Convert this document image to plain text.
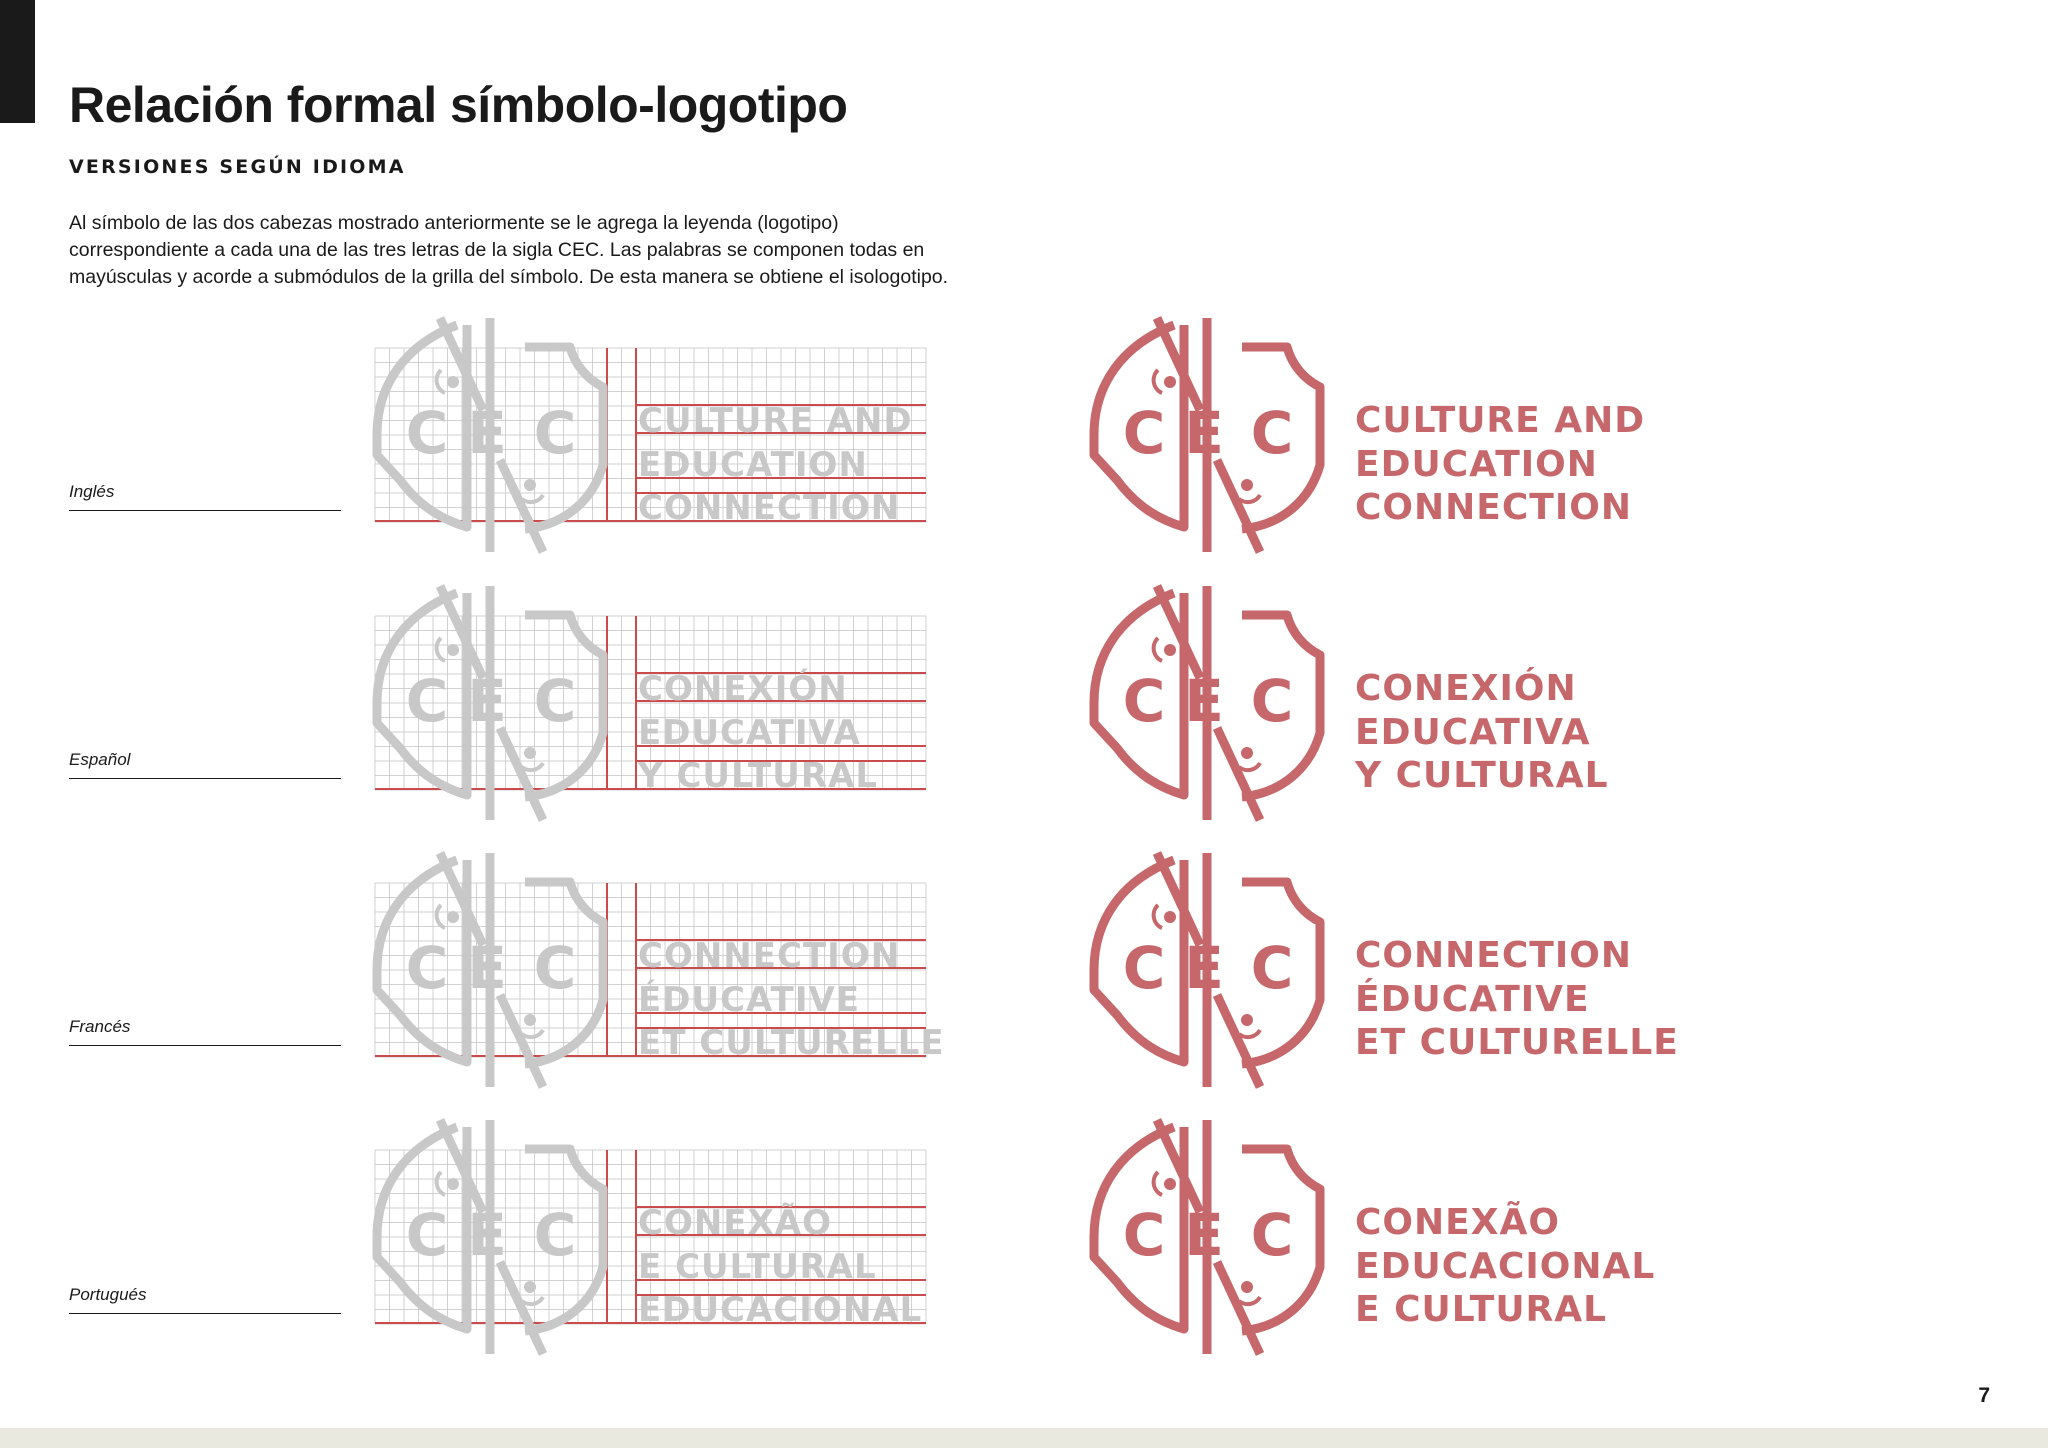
Relación formal símbolo-logotipo
VERSIONES SEGÚN IDIOMA

Al símbolo de las dos cabezas mostrado anteriormente se le agrega la leyenda (logotipo) correspondiente a cada una de las tres letras de la sigla CEC. Las palabras se componen todas en mayúsculas y acorde a submódulos de la grilla del símbolo. De esta manera se obtiene el isologotipo.

Inglés
C E C CULTURE AND
EDUCATION
CONNECTION
C E C CULTURE AND
EDUCATION
CONNECTION
Español
C E C CONEXIÓN
EDUCATIVA
Y CULTURAL
C E C CONEXIÓN
EDUCATIVA
Y CULTURAL
Francés
C E C CONNECTION
ÉDUCATIVE
ET CULTURELLE
C E C CONNECTION
ÉDUCATIVE
ET CULTURELLE
Portugués
C E C CONEXÃO
E CULTURAL
EDUCACIONAL
C E C CONEXÃO
EDUCACIONAL
E CULTURAL
7
